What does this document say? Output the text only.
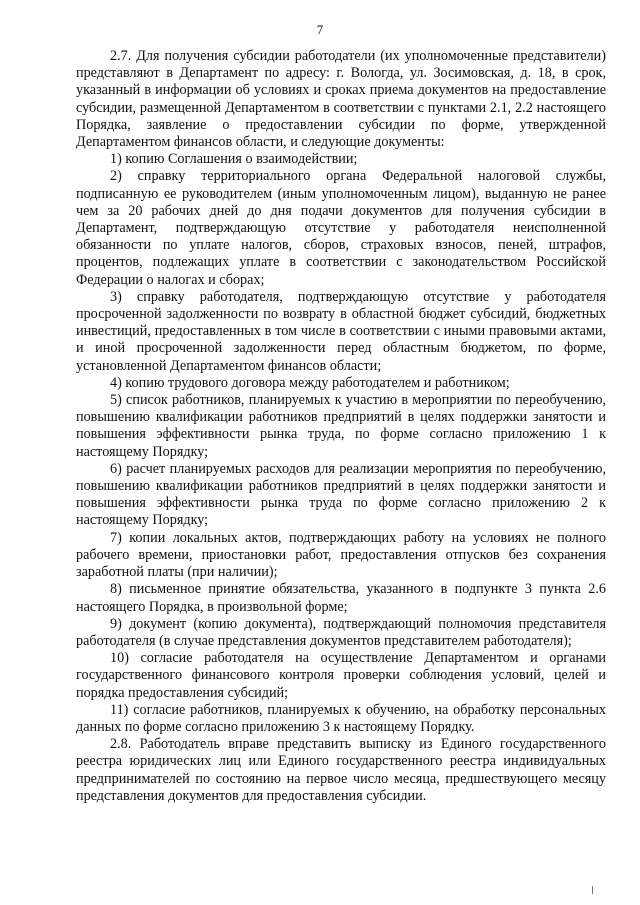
7

2.7. Для получения субсидии работодатели (их уполномоченные представители) представляют в Департамент по адресу: г. Вологда, ул. Зосимовская, д. 18, в срок, указанный в информации об условиях и сроках приема документов на предоставление субсидии, размещенной Департаментом в соответствии с пунктами 2.1, 2.2 настоящего Порядка, заявление о предоставлении субсидии по форме, утвержденной Департаментом финансов области, и следующие документы:

1) копию Соглашения о взаимодействии;

2) справку территориального органа Федеральной налоговой службы, подписанную ее руководителем (иным уполномоченным лицом), выданную не ранее чем за 20 рабочих дней до дня подачи документов для получения субсидии в Департамент, подтверждающую отсутствие у работодателя неисполненной обязанности по уплате налогов, сборов, страховых взносов, пеней, штрафов, процентов, подлежащих уплате в соответствии с законодательством Российской Федерации о налогах и сборах;

3) справку работодателя, подтверждающую отсутствие у работодателя просроченной задолженности по возврату в областной бюджет субсидий, бюджетных инвестиций, предоставленных в том числе в соответствии с иными правовыми актами, и иной просроченной задолженности перед областным бюджетом, по форме, установленной Департаментом финансов области;

4) копию трудового договора между работодателем и работником;

5) список работников, планируемых к участию в мероприятии по переобучению, повышению квалификации работников предприятий в целях поддержки занятости и повышения эффективности рынка труда, по форме согласно приложению 1 к настоящему Порядку;

6) расчет планируемых расходов для реализации мероприятия по переобучению, повышению квалификации работников предприятий в целях поддержки занятости и повышения эффективности рынка труда по форме согласно приложению 2 к настоящему Порядку;

7) копии локальных актов, подтверждающих работу на условиях не полного рабочего времени, приостановки работ, предоставления отпусков без сохранения заработной платы (при наличии);

8) письменное принятие обязательства, указанного в подпункте 3 пункта 2.6 настоящего Порядка, в произвольной форме;

9) документ (копию документа), подтверждающий полномочия представителя работодателя (в случае представления документов представителем работодателя);

10) согласие работодателя на осуществление Департаментом и органами государственного финансового контроля проверки соблюдения условий, целей и порядка предоставления субсидий;

11) согласие работников, планируемых к обучению, на обработку персональных данных по форме согласно приложению 3 к настоящему Порядку.

2.8. Работодатель вправе представить выписку из Единого государственного реестра юридических лиц или Единого государственного реестра индивидуальных предпринимателей по состоянию на первое число месяца, предшествующего месяцу представления документов для предоставления субсидии.
